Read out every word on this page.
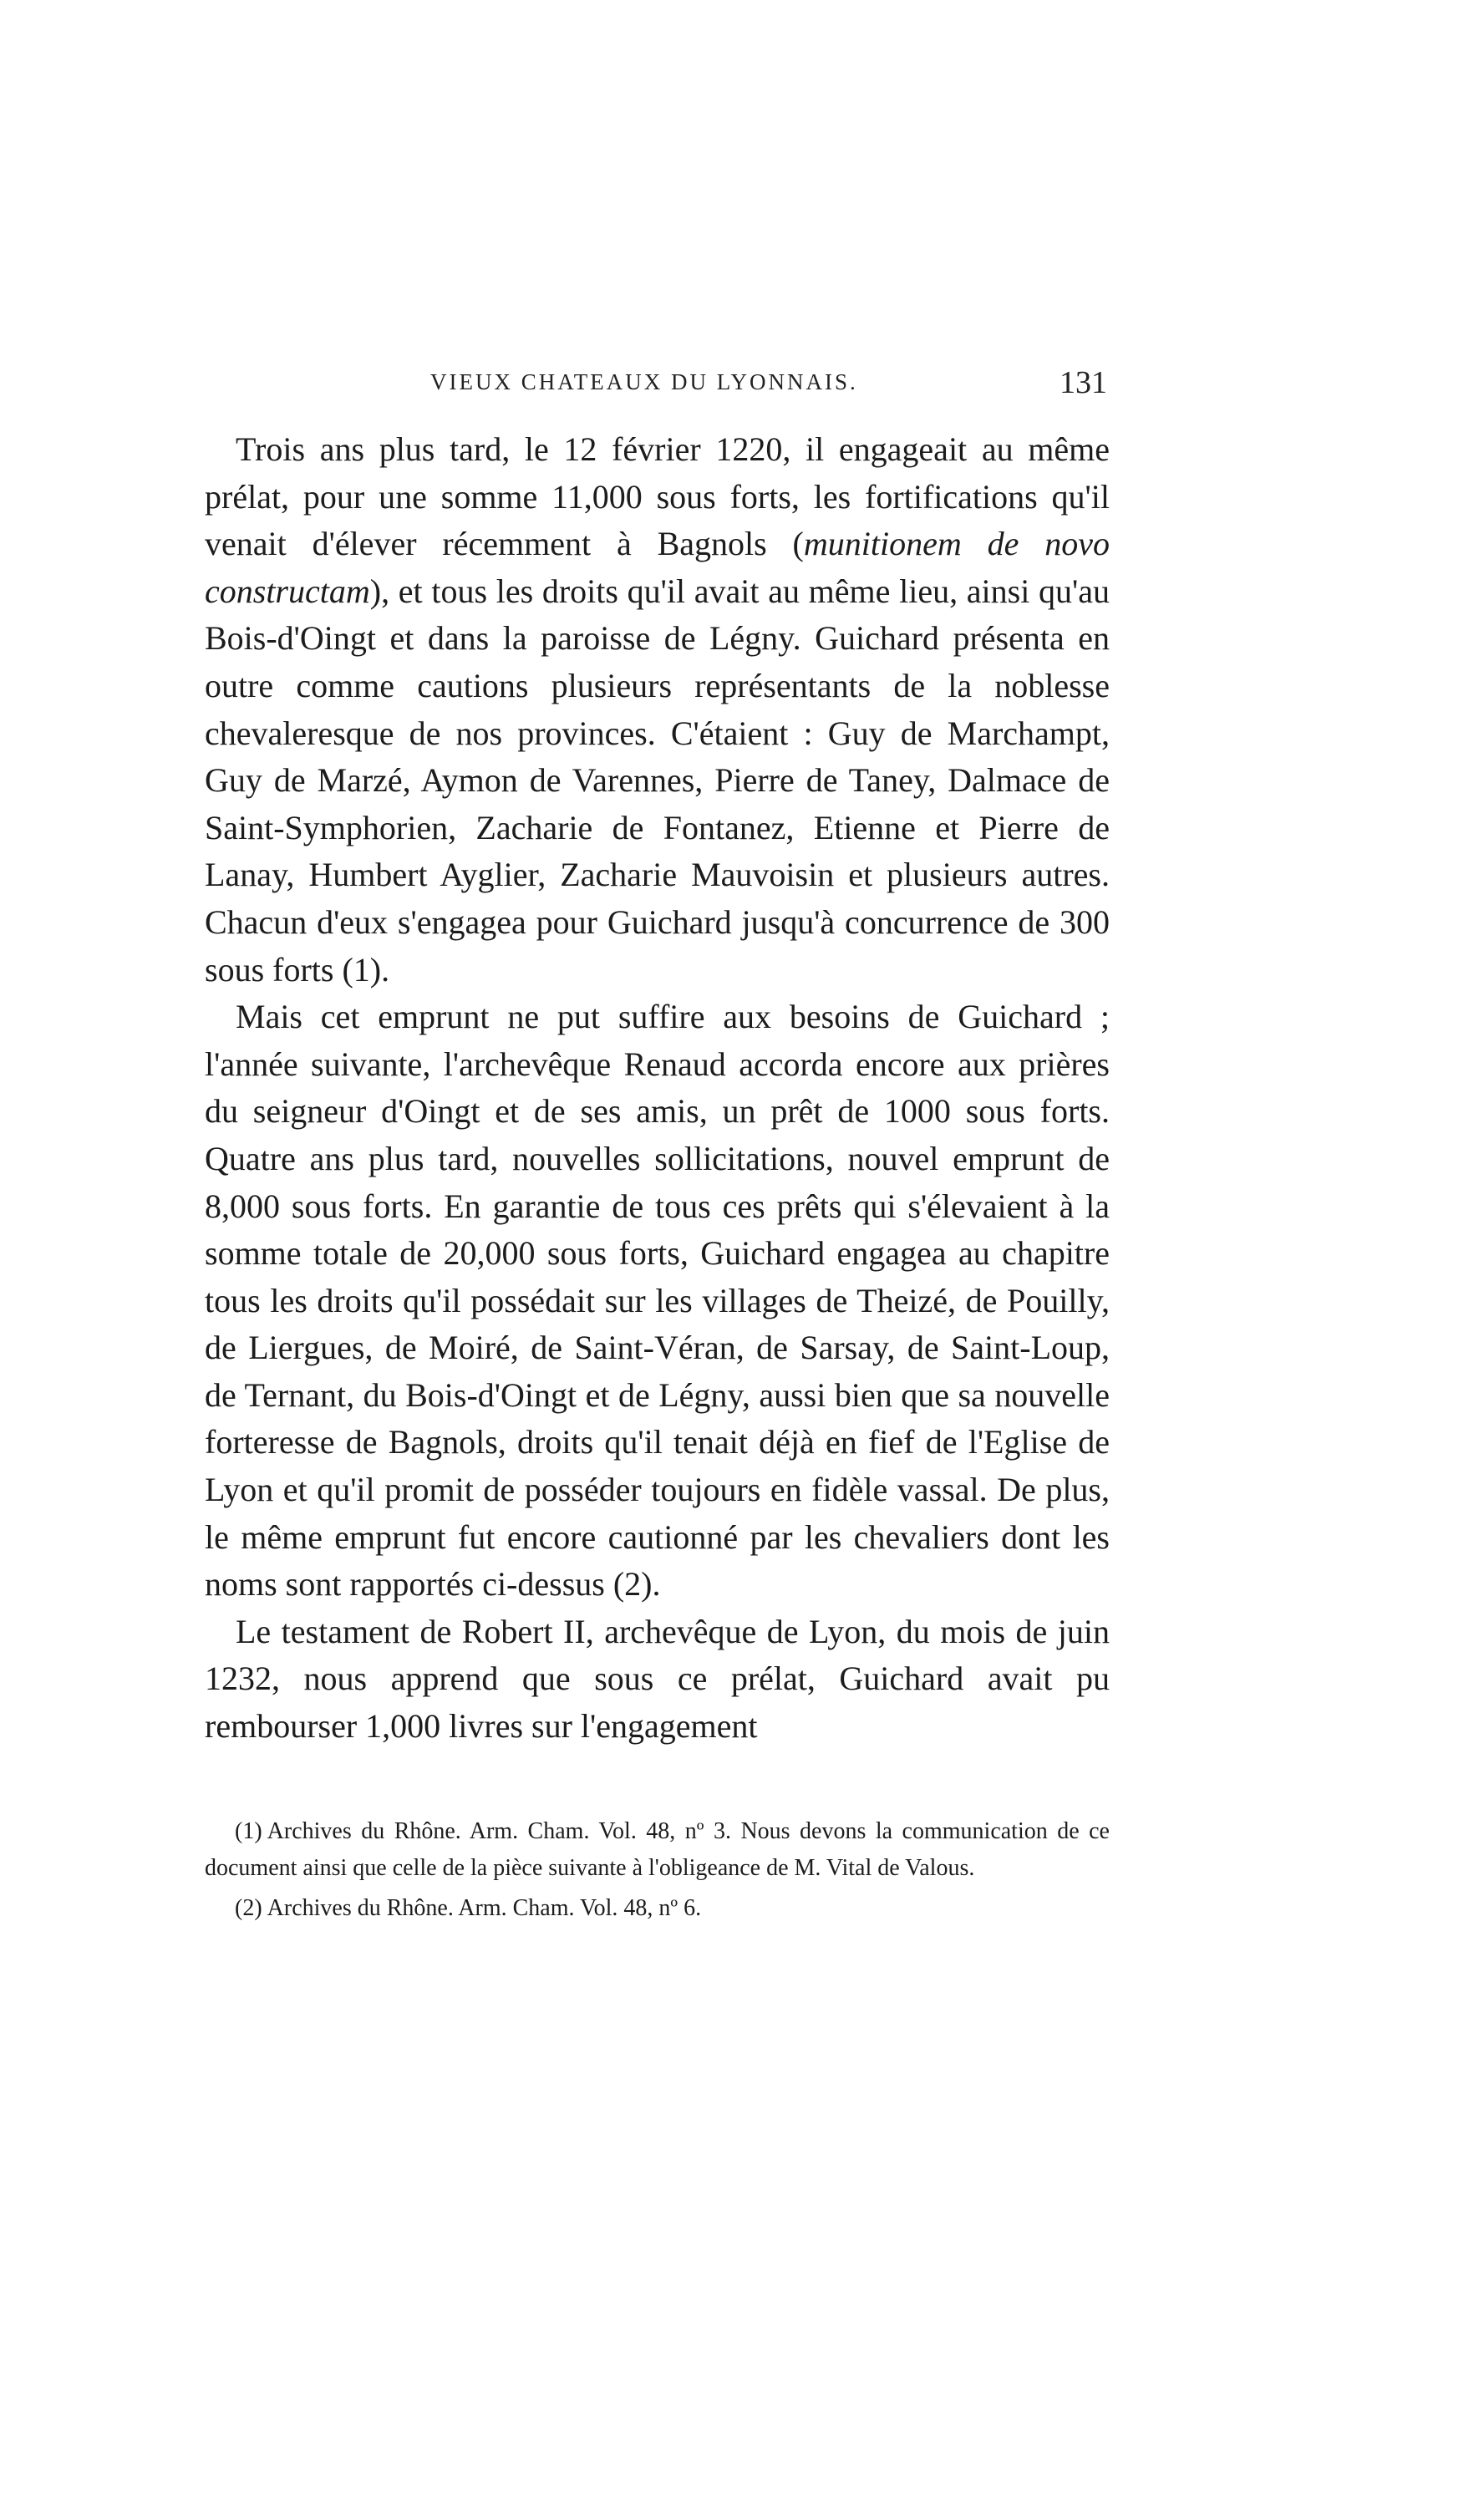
VIEUX CHATEAUX DU LYONNAIS.	131

Trois ans plus tard, le 12 février 1220, il engageait au même prélat, pour une somme 11,000 sous forts, les fortifications qu'il venait d'élever récemment à Bagnols (munitionem de novo constructam), et tous les droits qu'il avait au même lieu, ainsi qu'au Bois-d'Oingt et dans la paroisse de Légny. Guichard présenta en outre comme cautions plusieurs représentants de la noblesse chevaleresque de nos provinces. C'étaient : Guy de Marchampt, Guy de Marzé, Aymon de Varennes, Pierre de Taney, Dalmace de Saint-Symphorien, Zacharie de Fontanez, Etienne et Pierre de Lanay, Humbert Ayglier, Zacharie Mauvoisin et plusieurs autres. Chacun d'eux s'engagea pour Guichard jusqu'à concurrence de 300 sous forts (1).

Mais cet emprunt ne put suffire aux besoins de Guichard ; l'année suivante, l'archevêque Renaud accorda encore aux prières du seigneur d'Oingt et de ses amis, un prêt de 1000 sous forts. Quatre ans plus tard, nouvelles sollicitations, nouvel emprunt de 8,000 sous forts. En garantie de tous ces prêts qui s'élevaient à la somme totale de 20,000 sous forts, Guichard engagea au chapitre tous les droits qu'il possédait sur les villages de Theizé, de Pouilly, de Liergues, de Moiré, de Saint-Véran, de Sarsay, de Saint-Loup, de Ternant, du Bois-d'Oingt et de Légny, aussi bien que sa nouvelle forteresse de Bagnols, droits qu'il tenait déjà en fief de l'Eglise de Lyon et qu'il promit de posséder toujours en fidèle vassal. De plus, le même emprunt fut encore cautionné par les chevaliers dont les noms sont rapportés ci-dessus (2).

Le testament de Robert II, archevêque de Lyon, du mois de juin 1232, nous apprend que sous ce prélat, Guichard avait pu rembourser 1,000 livres sur l'engagement

(1) Archives du Rhône. Arm. Cham. Vol. 48, nº 3. Nous devons la communication de ce document ainsi que celle de la pièce suivante à l'obligeance de M. Vital de Valous.

(2) Archives du Rhône. Arm. Cham. Vol. 48, nº 6.
